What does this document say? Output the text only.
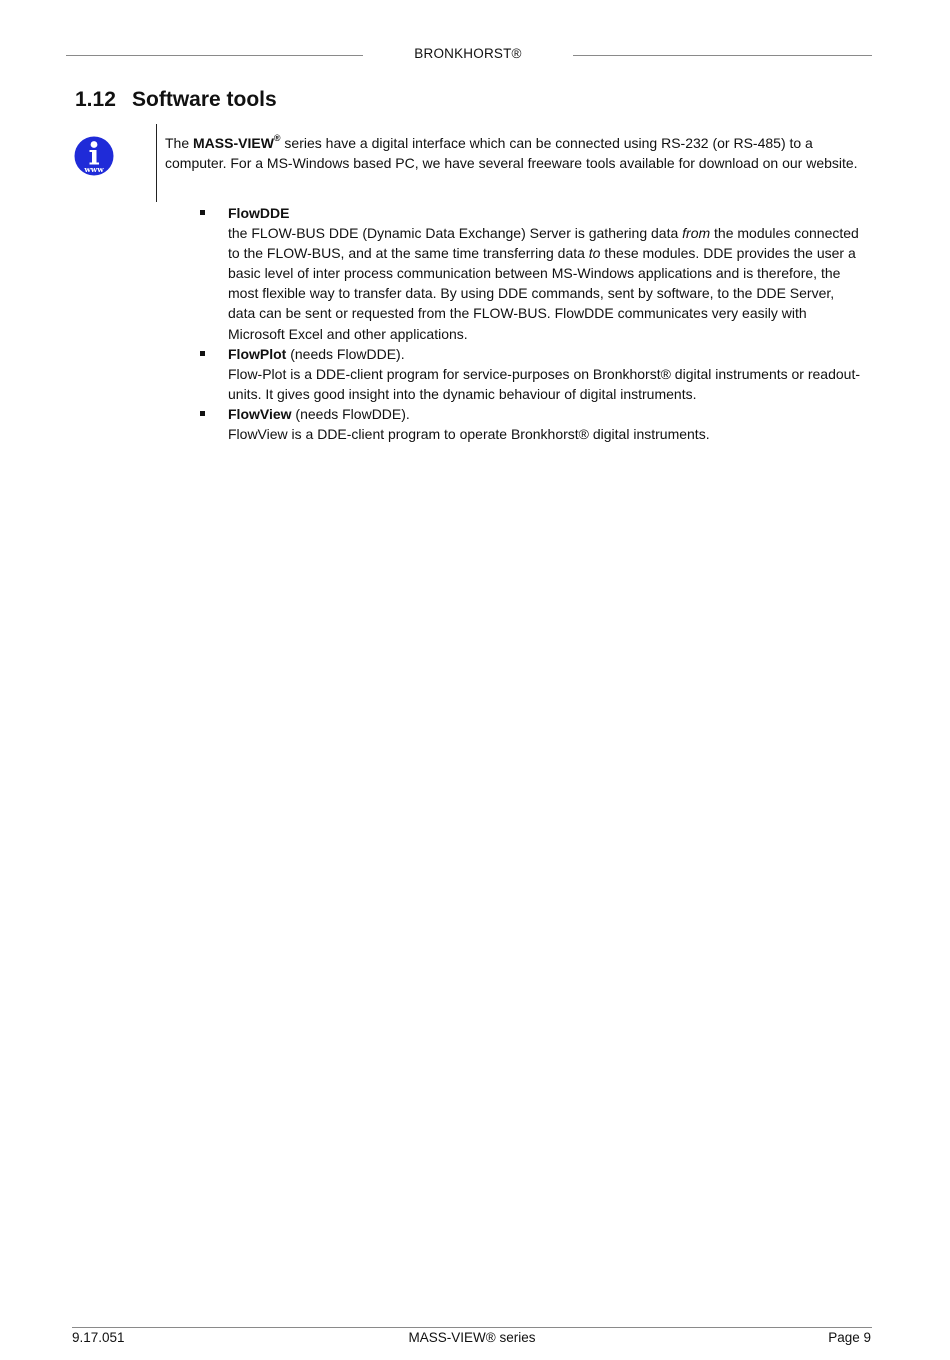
BRONKHORST®
1.12 Software tools
www

The MASS-VIEW® series have a digital interface which can be connected using RS-232 (or RS-485) to a computer. For a MS-Windows based PC, we have several freeware tools available for download on our website.

FlowDDE
the FLOW-BUS DDE (Dynamic Data Exchange) Server is gathering data from the modules connected to the FLOW-BUS, and at the same time transferring data to these modules. DDE provides the user a basic level of inter process communication between MS-Windows applications and is therefore, the most flexible way to transfer data. By using DDE commands, sent by software, to the DDE Server, data can be sent or requested from the FLOW-BUS. FlowDDE communicates very easily with Microsoft Excel and other applications.
FlowPlot (needs FlowDDE).
Flow-Plot is a DDE-client program for service-purposes on Bronkhorst® digital instruments or readout-units. It gives good insight into the dynamic behaviour of digital instruments.
FlowView (needs FlowDDE).
FlowView is a DDE-client program to operate Bronkhorst® digital instruments.
9.17.051	MASS-VIEW® series	Page 9
